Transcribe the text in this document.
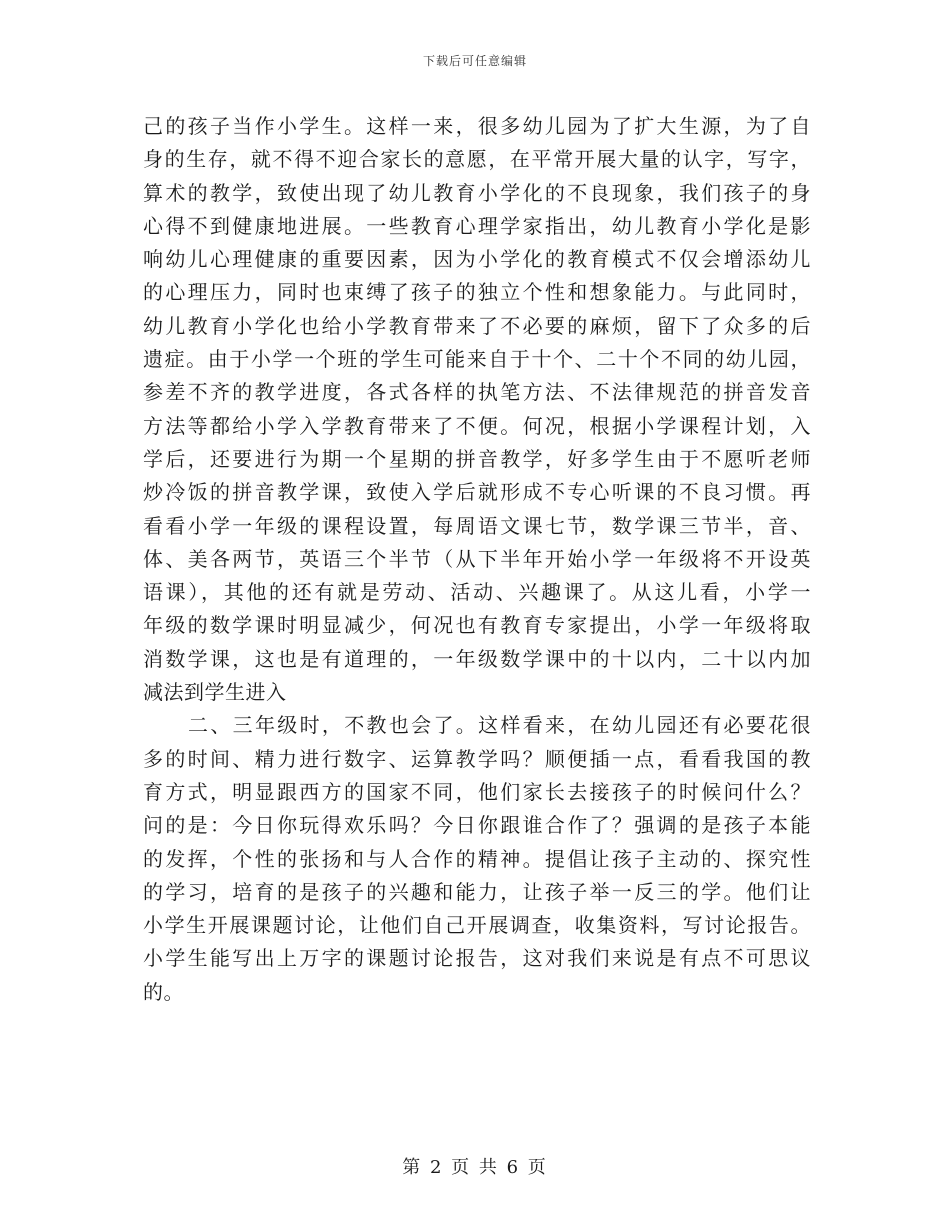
下载后可任意编辑
己的孩子当作小学生。这样一来，很多幼儿园为了扩大生源，为了自
身的生存，就不得不迎合家长的意愿，在平常开展大量的认字，写字，
算术的教学，致使出现了幼儿教育小学化的不良现象，我们孩子的身
心得不到健康地进展。一些教育心理学家指出，幼儿教育小学化是影
响幼儿心理健康的重要因素，因为小学化的教育模式不仅会增添幼儿
的心理压力，同时也束缚了孩子的独立个性和想象能力。与此同时，
幼儿教育小学化也给小学教育带来了不必要的麻烦，留下了众多的后
遗症。由于小学一个班的学生可能来自于十个、二十个不同的幼儿园，
参差不齐的教学进度，各式各样的执笔方法、不法律规范的拼音发音
方法等都给小学入学教育带来了不便。何况，根据小学课程计划，入
学后，还要进行为期一个星期的拼音教学，好多学生由于不愿听老师
炒冷饭的拼音教学课，致使入学后就形成不专心听课的不良习惯。再
看看小学一年级的课程设置，每周语文课七节，数学课三节半，音、
体、美各两节，英语三个半节（从下半年开始小学一年级将不开设英
语课），其他的还有就是劳动、活动、兴趣课了。从这儿看，小学一
年级的数学课时明显减少，何况也有教育专家提出，小学一年级将取
消数学课，这也是有道理的，一年级数学课中的十以内，二十以内加
减法到学生进入
二、三年级时，不教也会了。这样看来，在幼儿园还有必要花很
多的时间、精力进行数字、运算教学吗？顺便插一点，看看我国的教
育方式，明显跟西方的国家不同，他们家长去接孩子的时候问什么？
问的是：今日你玩得欢乐吗？今日你跟谁合作了？强调的是孩子本能
的发挥，个性的张扬和与人合作的精神。提倡让孩子主动的、探究性
的学习，培育的是孩子的兴趣和能力，让孩子举一反三的学。他们让
小学生开展课题讨论，让他们自己开展调查，收集资料，写讨论报告。
小学生能写出上万字的课题讨论报告，这对我们来说是有点不可思议
的。
第 2 页 共 6 页
